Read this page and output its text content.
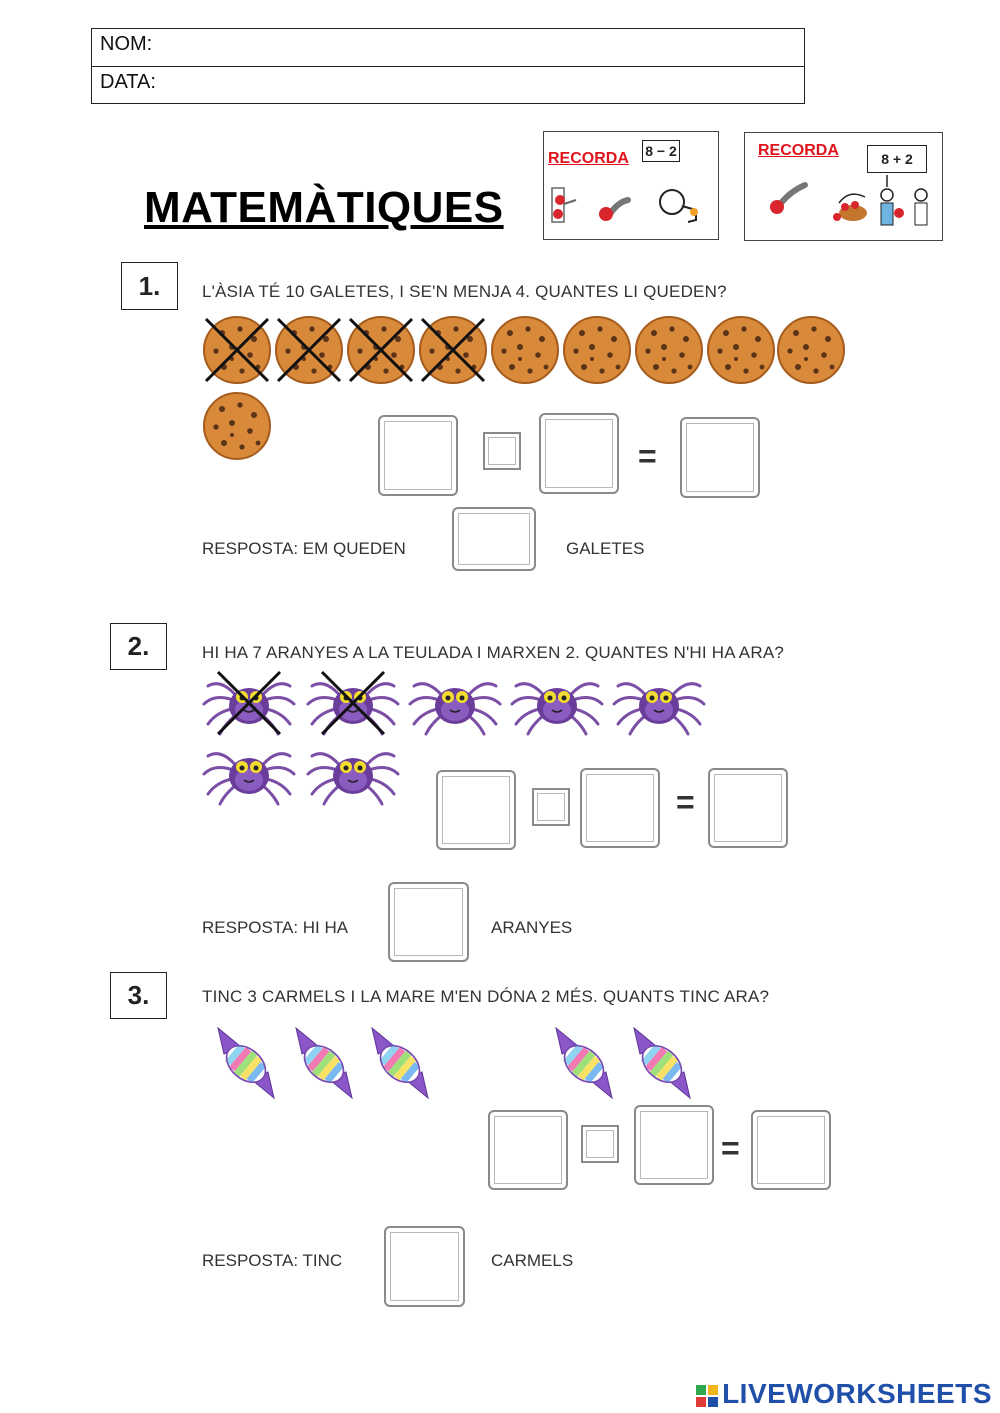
NOM:
DATA:
MATEMÀTIQUES
RECORDA 8 − 2	RECORDA	8 + 2
1.	L'ÀSIA TÉ 10 GALETES, I SE'N MENJA 4. QUANTES LI QUEDEN?
=
RESPOSTA: EM QUEDEN	GALETES
2.	HI HA 7 ARANYES A LA TEULADA I MARXEN 2. QUANTES N'HI HA ARA?
=
RESPOSTA: HI HA	ARANYES
3.	TINC 3 CARMELS I LA MARE M'EN DÓNA 2 MÉS. QUANTS TINC ARA?
=
RESPOSTA: TINC	CARMELS
LIVEWORKSHEETS
